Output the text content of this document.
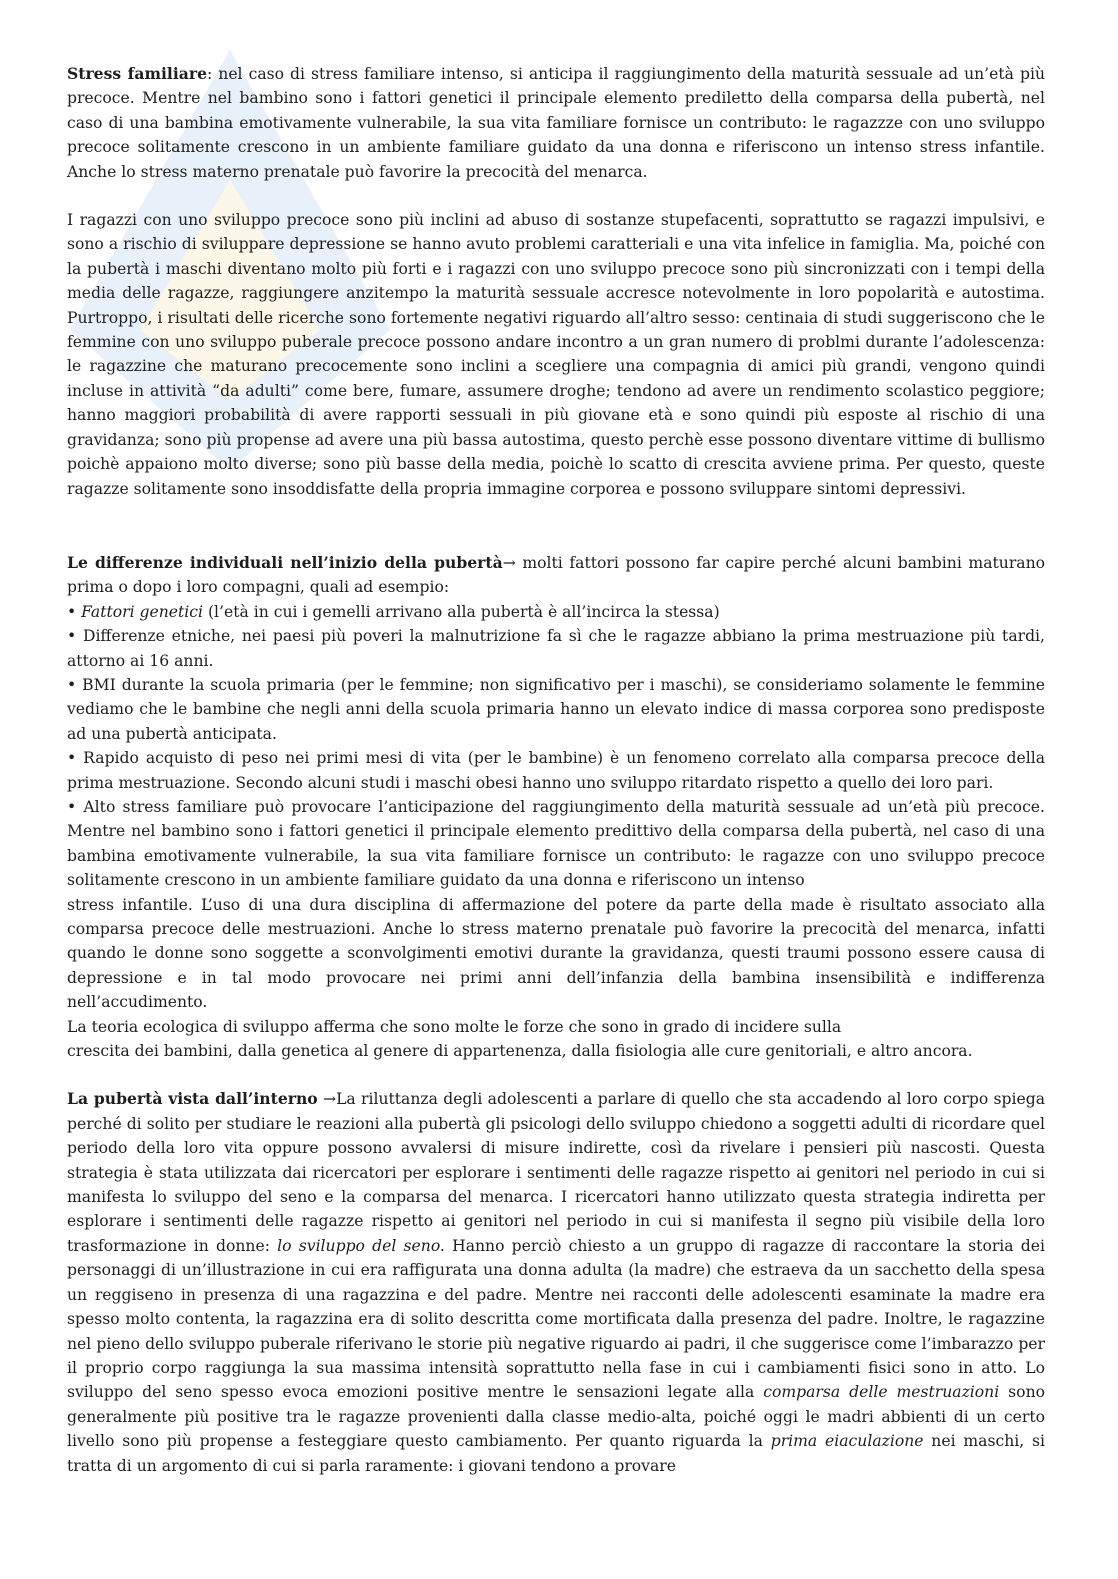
Stress familiare: nel caso di stress familiare intenso, si anticipa il raggiungimento della maturità sessuale ad un’età più precoce. Mentre nel bambino sono i fattori genetici il principale elemento prediletto della comparsa della pubertà, nel caso di una bambina emotivamente vulnerabile, la sua vita familiare fornisce un contributo: le ragazzze con uno sviluppo precoce solitamente crescono in un ambiente familiare guidato da una donna e riferiscono un intenso stress infantile. Anche lo stress materno prenatale può favorire la precocità del menarca.

I ragazzi con uno sviluppo precoce sono più inclini ad abuso di sostanze stupefacenti, soprattutto se ragazzi impulsivi, e sono a rischio di sviluppare depressione se hanno avuto problemi caratteriali e una vita infelice in famiglia. Ma, poiché con la pubertà i maschi diventano molto più forti e i ragazzi con uno sviluppo precoce sono più sincronizzati con i tempi della media delle ragazze, raggiungere anzitempo la maturità sessuale accresce notevolmente in loro popolarità e autostima. Purtroppo, i risultati delle ricerche sono fortemente negativi riguardo all’altro sesso: centinaia di studi suggeriscono che le femmine con uno sviluppo puberale precoce possono andare incontro a un gran numero di problmi durante l’adolescenza: le ragazzine che maturano precocemente sono inclini a scegliere una compagnia di amici più grandi, vengono quindi incluse in attività “da adulti” come bere, fumare, assumere droghe; tendono ad avere un rendimento scolastico peggiore; hanno maggiori probabilità di avere rapporti sessuali in più giovane età e sono quindi più esposte al rischio di una gravidanza; sono più propense ad avere una più bassa autostima, questo perchè esse possono diventare vittime di bullismo poichè appaiono molto diverse; sono più basse della media, poichè lo scatto di crescita avviene prima. Per questo, queste ragazze solitamente sono insoddisfatte della propria immagine corporea e possono sviluppare sintomi depressivi.

Le differenze individuali nell’inizio della pubertà→ molti fattori possono far capire perché alcuni bambini maturano prima o dopo i loro compagni, quali ad esempio:

• Fattori genetici (l’età in cui i gemelli arrivano alla pubertà è all’incirca la stessa)

• Differenze etniche, nei paesi più poveri la malnutrizione fa sì che le ragazze abbiano la prima mestruazione più tardi, attorno ai 16 anni.

• BMI durante la scuola primaria (per le femmine; non significativo per i maschi), se consideriamo solamente le femmine vediamo che le bambine che negli anni della scuola primaria hanno un elevato indice di massa corporea sono predisposte ad una pubertà anticipata.

• Rapido acquisto di peso nei primi mesi di vita (per le bambine) è un fenomeno correlato alla comparsa precoce della prima mestruazione. Secondo alcuni studi i maschi obesi hanno uno sviluppo ritardato rispetto a quello dei loro pari.

• Alto stress familiare può provocare l’anticipazione del raggiungimento della maturità sessuale ad un’età più precoce. Mentre nel bambino sono i fattori genetici il principale elemento predittivo della comparsa della pubertà, nel caso di una bambina emotivamente vulnerabile, la sua vita familiare fornisce un contributo: le ragazze con uno sviluppo precoce solitamente crescono in un ambiente familiare guidato da una donna e riferiscono un intenso

stress infantile. L’uso di una dura disciplina di affermazione del potere da parte della made è risultato associato alla comparsa precoce delle mestruazioni. Anche lo stress materno prenatale può favorire la precocità del menarca, infatti quando le donne sono soggette a sconvolgimenti emotivi durante la gravidanza, questi traumi possono essere causa di depressione e in tal modo provocare nei primi anni dell’infanzia della bambina insensibilità e indifferenza nell’accudimento.

La teoria ecologica di sviluppo afferma che sono molte le forze che sono in grado di incidere sulla

crescita dei bambini, dalla genetica al genere di appartenenza, dalla fisiologia alle cure genitoriali, e altro ancora.

La pubertà vista dall’interno →La riluttanza degli adolescenti a parlare di quello che sta accadendo al loro corpo spiega perché di solito per studiare le reazioni alla pubertà gli psicologi dello sviluppo chiedono a soggetti adulti di ricordare quel periodo della loro vita oppure possono avvalersi di misure indirette, così da rivelare i pensieri più nascosti. Questa strategia è stata utilizzata dai ricercatori per esplorare i sentimenti delle ragazze rispetto ai genitori nel periodo in cui si manifesta lo sviluppo del seno e la comparsa del menarca. I ricercatori hanno utilizzato questa strategia indiretta per esplorare i sentimenti delle ragazze rispetto ai genitori nel periodo in cui si manifesta il segno più visibile della loro trasformazione in donne: lo sviluppo del seno. Hanno perciò chiesto a un gruppo di ragazze di raccontare la storia dei personaggi di un’illustrazione in cui era raffigurata una donna adulta (la madre) che estraeva da un sacchetto della spesa un reggiseno in presenza di una ragazzina e del padre. Mentre nei racconti delle adolescenti esaminate la madre era spesso molto contenta, la ragazzina era di solito descritta come mortificata dalla presenza del padre. Inoltre, le ragazzine nel pieno dello sviluppo puberale riferivano le storie più negative riguardo ai padri, il che suggerisce come l’imbarazzo per il proprio corpo raggiunga la sua massima intensità soprattutto nella fase in cui i cambiamenti fisici sono in atto. Lo sviluppo del seno spesso evoca emozioni positive mentre le sensazioni legate alla comparsa delle mestruazioni sono generalmente più positive tra le ragazze provenienti dalla classe medio-alta, poiché oggi le madri abbienti di un certo livello sono più propense a festeggiare questo cambiamento. Per quanto riguarda la prima eiaculazione nei maschi, si tratta di un argomento di cui si parla raramente: i giovani tendono a provare
